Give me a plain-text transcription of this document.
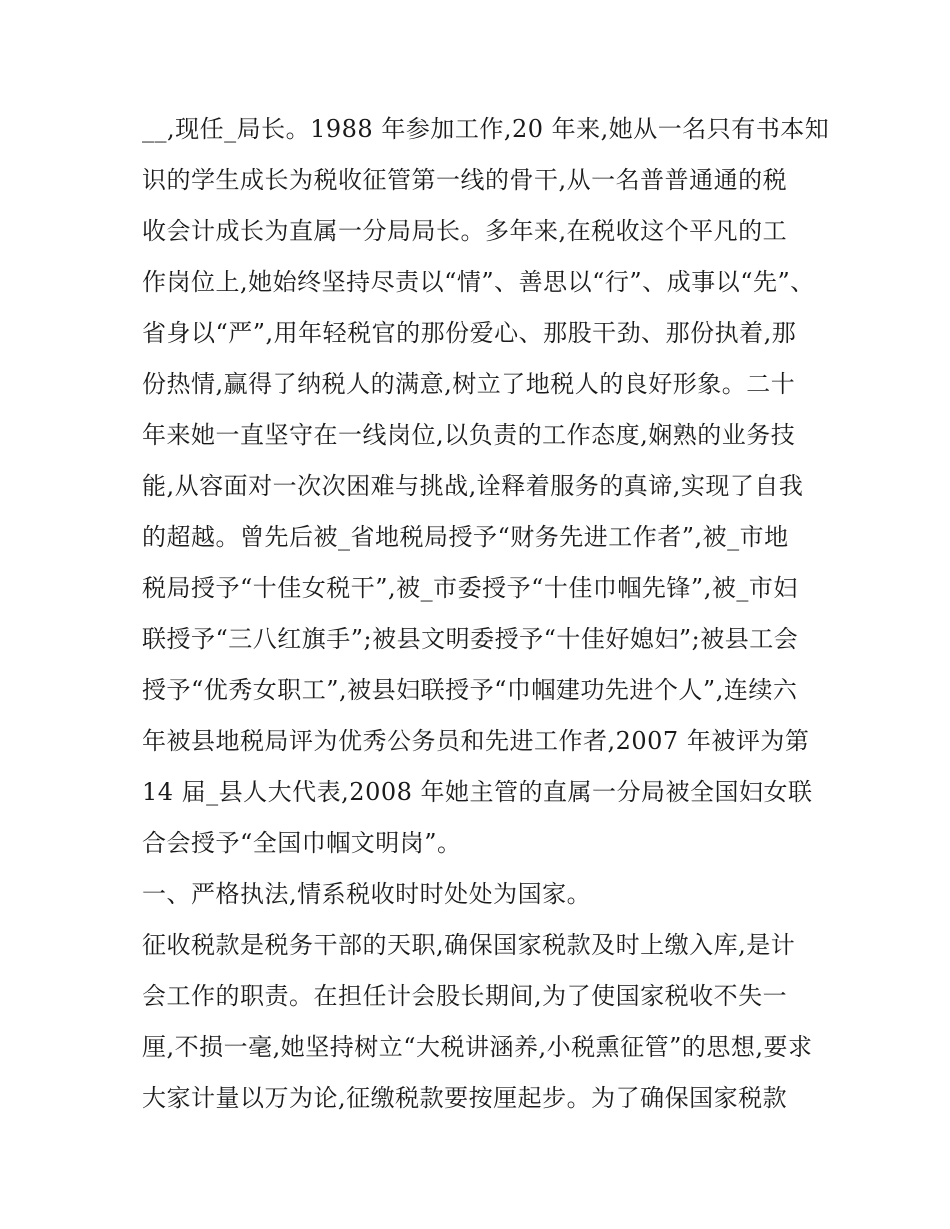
__,现任_局长。1988 年参加工作,20 年来,她从一名只有书本知
识的学生成长为税收征管第一线的骨干,从一名普普通通的税
收会计成长为直属一分局局长。多年来,在税收这个平凡的工
作岗位上,她始终坚持尽责以“情”、善思以“行”、成事以“先”、
省身以“严”,用年轻税官的那份爱心、那股干劲、那份执着,那
份热情,赢得了纳税人的满意,树立了地税人的良好形象。二十
年来她一直坚守在一线岗位,以负责的工作态度,娴熟的业务技
能,从容面对一次次困难与挑战,诠释着服务的真谛,实现了自我
的超越。曾先后被_省地税局授予“财务先进工作者”,被_市地
税局授予“十佳女税干”,被_市委授予“十佳巾帼先锋”,被_市妇
联授予“三八红旗手”;被县文明委授予“十佳好媳妇”;被县工会
授予“优秀女职工”,被县妇联授予“巾帼建功先进个人”,连续六
年被县地税局评为优秀公务员和先进工作者,2007 年被评为第
14 届_县人大代表,2008 年她主管的直属一分局被全国妇女联
合会授予“全国巾帼文明岗”。
一、严格执法,情系税收时时处处为国家。
征收税款是税务干部的天职,确保国家税款及时上缴入库,是计
会工作的职责。在担任计会股长期间,为了使国家税收不失一
厘,不损一毫,她坚持树立“大税讲涵养,小税熏征管”的思想,要求
大家计量以万为论,征缴税款要按厘起步。为了确保国家税款
